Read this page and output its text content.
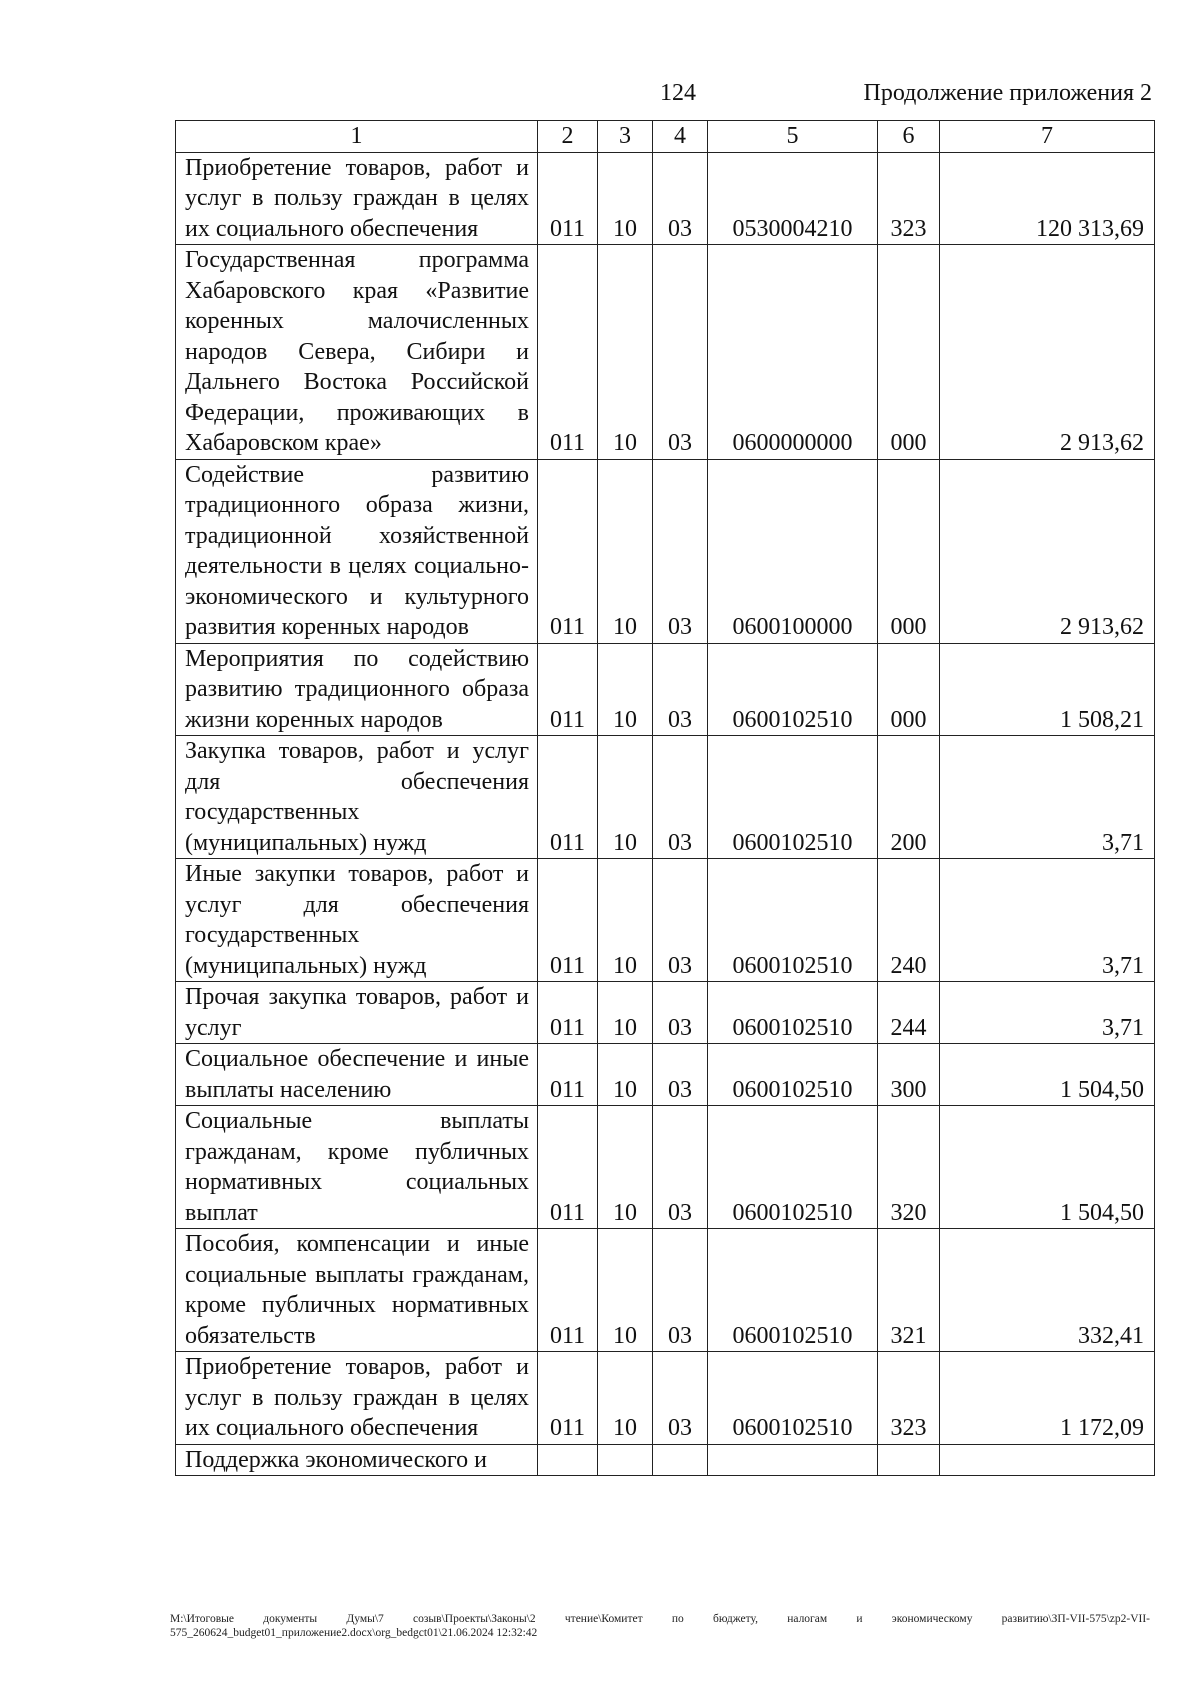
124	Продолжение приложения 2
1	2	3	4	5	6	7
Приобретение товаров, работ и услуг в пользу граждан в целях их социального обеспечения	011	10	03	0530004210	323	120 313,69
Государственная программа Хабаровского края «Развитие коренных малочисленных народов Севера, Сибири и Дальнего Востока Российской Федерации, проживающих в Хабаровском крае»	011	10	03	0600000000	000	2 913,62
Содействие развитию традиционного образа жизни, традиционной хозяйственной деятельности в целях социально-экономического и культурного развития коренных народов	011	10	03	0600100000	000	2 913,62
Мероприятия по содействию развитию традиционного образа жизни коренных народов	011	10	03	0600102510	000	1 508,21
Закупка товаров, работ и услуг для обеспечения государственных (муниципальных) нужд	011	10	03	0600102510	200	3,71
Иные закупки товаров, работ и услуг для обеспечения государственных (муниципальных) нужд	011	10	03	0600102510	240	3,71
Прочая закупка товаров, работ и услуг	011	10	03	0600102510	244	3,71
Социальное обеспечение и иные выплаты населению	011	10	03	0600102510	300	1 504,50
Социальные выплаты гражданам, кроме публичных нормативных социальных выплат	011	10	03	0600102510	320	1 504,50
Пособия, компенсации и иные социальные выплаты гражданам, кроме публичных нормативных обязательств	011	10	03	0600102510	321	332,41
Приобретение товаров, работ и услуг в пользу граждан в целях их социального обеспечения	011	10	03	0600102510	323	1 172,09
Поддержка экономического и						
M:\Итоговые документы Думы\7 созыв\Проекты\Законы\2 чтение\Комитет по бюджету, налогам и экономическому развитию\ЗП-VII-575\zp2-VII-575_260624_budget01_приложение2.docx\org_bedgct01\21.06.2024 12:32:42
